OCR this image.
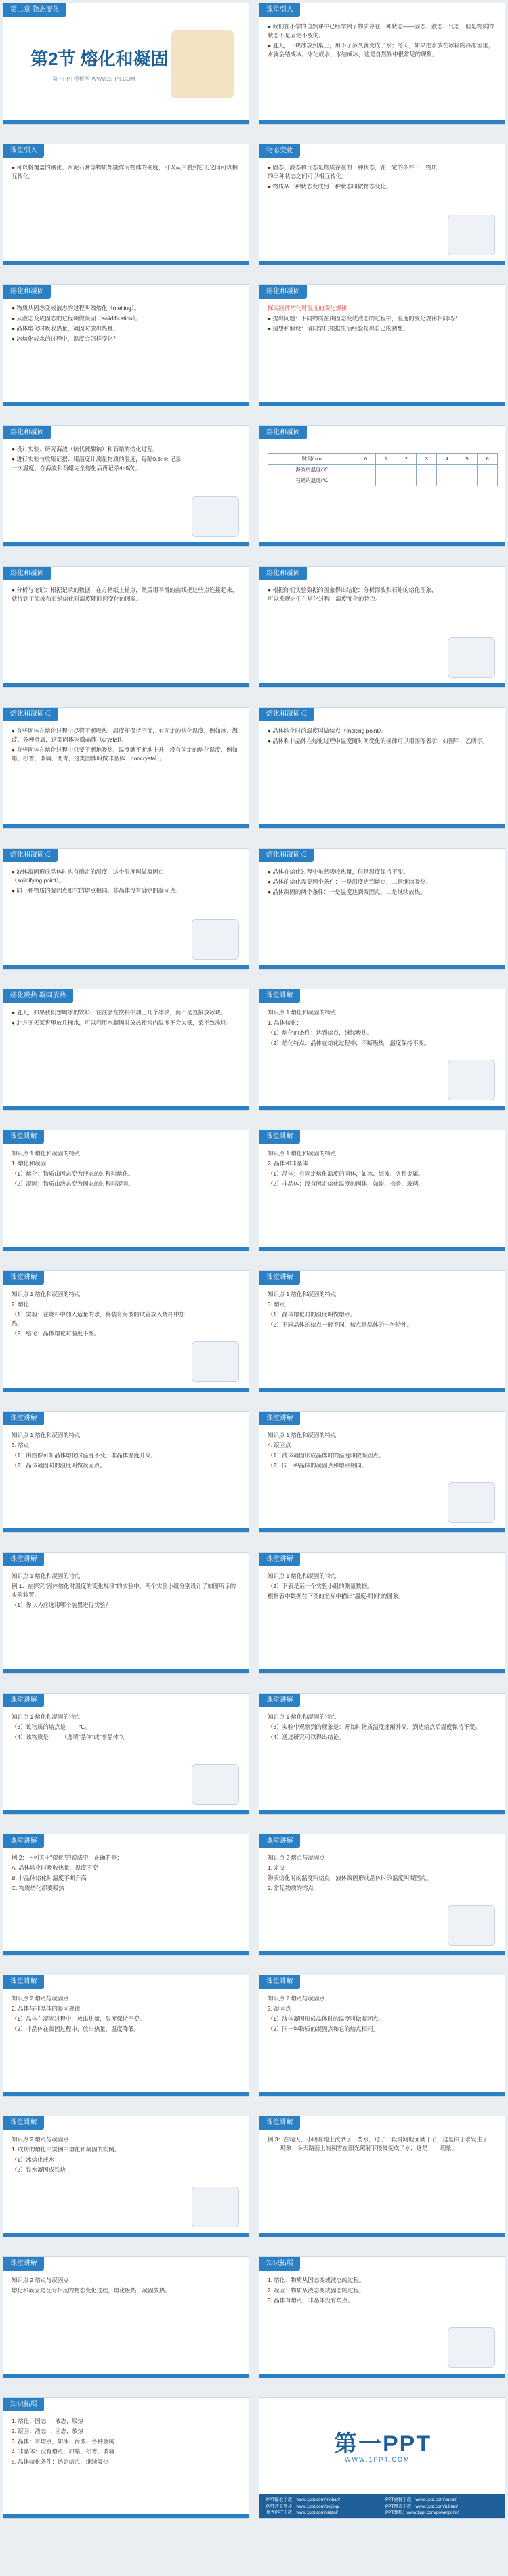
第二章 物态变化
第2节 熔化和凝固
第一PPT模板网-WWW.1PPT.COM
课堂引入

● 我们在小学的自然课中已经学到了物质存在三种状态——固态、液态、气态，但是物质的状态不是固定不变的。

● 夏天，一块冰放到桌上，用不了多久就变成了水；冬天，如果把水放在冰箱的冷冻室里，水就会结成冰。冰化成水、水结成冰，这是自然界中很常见的现象。

课堂引入

● 可以将覆盖的钢化、水泥石膏等物质都能作为物体的硬度，可以从中看到它们之间可以相互转化。

物态变化

● 固态、液态和气态是物质存在的三种状态，在一定的条件下，物质的三种状态之间可以相互转化。

● 物质从一种状态变成另一种状态叫做物态变化。

熔化和凝固

● 物质从固态变成液态的过程叫做熔化（melting）。

● 从液态变成固态的过程叫做凝固（solidification）。

● 晶体熔化时吸收热量，凝固时放出热量。

● 冰熔化成水的过程中，温度会怎样变化？

熔化和凝固

探究固体熔化时温度的变化规律

● 提出问题：不同物质在由固态变成液态的过程中，温度的变化规律相同吗？

● 猜想和假设：请同学们根据生活经验提出自己的猜想。

熔化和凝固

● 设计实验：研究海波（硫代硫酸钠）和石蜡的熔化过程。

● 进行实验与收集证据：用温度计测量物质的温度，每隔0.5min记录一次温度，在海波和石蜡完全熔化后再记录4~5次。

熔化和凝固
时间/min	0	1	2	3	4	5	6
海波的温度/℃							
石蜡的温度/℃							
熔化和凝固

● 分析与论证：根据记录的数据，在方格纸上描点，然后用平滑的曲线把这些点连接起来，就得到了海波和石蜡熔化时温度随时间变化的图象。

熔化和凝固

● 根据你们实验数据的图象得出结论：分析海波和石蜡的熔化图象，可以发现它们在熔化过程中温度变化的特点。

熔化和凝固点

● 有些固体在熔化过程中尽管不断吸热，温度却保持不变，有固定的熔化温度，例如冰、海波、各种金属，这类固体叫做晶体（crystal）。

● 有些固体在熔化过程中只要不断地吸热，温度就不断地上升，没有固定的熔化温度，例如蜡、松香、玻璃、沥青，这类固体叫做非晶体（noncrystal）。

熔化和凝固点

● 晶体熔化时的温度叫做熔点（melting point）。

● 晶体和非晶体在熔化过程中温度随时间变化的规律可以用图像表示，如图甲、乙所示。

熔化和凝固点

● 液体凝固形成晶体时也有确定的温度，这个温度叫做凝固点（solidifying point）。

● 同一种物质的凝固点和它的熔点相同。非晶体没有确定的凝固点。

熔化和凝固点

● 晶体在熔化过程中虽然吸收热量，但是温度保持不变。

● 晶体的熔化需要两个条件：一是温度达到熔点，二是继续吸热。

● 晶体凝固的两个条件：一是温度达到凝固点，二是继续放热。

熔化吸热 凝固放热

● 夏天，如果我们想喝冰的饮料，往往会在饮料中加上几个冰块，而不是直接放冰块。

● 北方冬天菜窖里放几桶水，可以利用水凝固时放热使窖内温度不会太低，菜不致冻坏。

课堂讲解

知识点 1 熔化和凝固的特点

1. 晶体熔化：

（1）熔化的条件：达到熔点，继续吸热。

（2）熔化特点：晶体在熔化过程中，不断吸热，温度保持不变。

课堂讲解

知识点 1 熔化和凝固的特点

1. 熔化和凝固

（1）熔化：物质由固态变为液态的过程叫熔化。

（2）凝固：物质由液态变为固态的过程叫凝固。

课堂讲解

知识点 1 熔化和凝固的特点

2. 晶体和非晶体

（1）晶体：有固定熔化温度的固体，如冰、海波、各种金属。

（2）非晶体：没有固定熔化温度的固体，如蜡、松香、玻璃。

课堂讲解

知识点 1 熔化和凝固的特点

2. 熔化

（1）实验：在烧杯中加入适量的水，将装有海波的试管放入烧杯中加热。

（2）结论：晶体熔化时温度不变。

课堂讲解

知识点 1 熔化和凝固的特点

3. 熔点

（1）晶体熔化时的温度叫做熔点。

（2）不同晶体的熔点一般不同，熔点是晶体的一种特性。

课堂讲解

知识点 1 熔化和凝固的特点

3. 熔点

（1）由图像可知晶体熔化时温度不变，非晶体温度升高。

（2）晶体凝固时的温度叫做凝固点。

课堂讲解

知识点 1 熔化和凝固的特点

4. 凝固点

（1）液体凝固形成晶体时的温度叫做凝固点。

（2）同一种晶体的凝固点和熔点相同。

课堂讲解

知识点 1 熔化和凝固的特点

例 1：在探究"固体熔化时温度的变化规律"的实验中，两个实验小组分别设计了如图所示的实验装置。

（1）你认为应选用哪个装置进行实验？

课堂讲解

知识点 1 熔化和凝固的特点

（2）下表是某一个实验小组的测量数据。

根据表中数据在下图的坐标中描出"温度-时间"的图象。

课堂讲解

知识点 1 熔化和凝固的特点

（3）该物质的熔点是____℃。

（4）该物质是____（选填"晶体"或"非晶体"）。

课堂讲解

知识点 1 熔化和凝固的特点

（3）实验中观察到的现象是：开始时物质温度逐渐升高，到达熔点后温度保持不变。

（4）通过研究可以得出结论。

课堂讲解

例 2：下列关于"熔化"的说法中，正确的是：

A. 晶体熔化时吸收热量，温度不变

B. 非晶体熔化时温度不断升高

C. 物质熔化都要吸热

课堂讲解

知识点 2 熔点与凝固点

1. 定义

物质熔化时的温度叫熔点，液体凝固形成晶体时的温度叫凝固点。

2. 常见物质的熔点

课堂讲解

知识点 2 熔点与凝固点

2. 晶体与非晶体的凝固规律

（1）晶体在凝固过程中，放出热量，温度保持不变。

（2）非晶体在凝固过程中，放出热量，温度降低。

课堂讲解

知识点 2 熔点与凝固点

3. 凝固点

（1）液体凝固形成晶体时的温度叫做凝固点。

（2）同一种物质的凝固点和它的熔点相同。

课堂讲解

知识点 2 熔点与凝固点

1. 成功的熔化中实例中熔化和凝固的实例。

（1）冰熔化成水

（2）铁水凝固成铁块

课堂讲解

例 3：在晴天，小明在地上泼洒了一些水，过了一段时间地面就干了，这是由于水发生了____现象；冬天路面上的积雪在阳光照射下慢慢变成了水，这是____现象。

课堂讲解

知识点 2 熔点与凝固点

熔化和凝固是互为相反的物态变化过程，熔化吸热，凝固放热。

知识拓展

1. 熔化：物质从固态变成液态的过程。

2. 凝固：物质从液态变成固态的过程。

3. 晶体有熔点，非晶体没有熔点。

知识拓展

1. 熔化：固态 → 液态，吸热

2. 凝固：液态 → 固态，放热

3. 晶体：有熔点，如冰、海波、各种金属

4. 非晶体：没有熔点，如蜡、松香、玻璃

5. 晶体熔化条件：达到熔点，继续吸热

第一PPT
WWW.1PPT.COM
PPT模板下载：www.1ppt.com/moban/
PPT背景图片：www.1ppt.com/beijing/
优秀PPT下载：www.1ppt.com/xiazai/
PPT素材下载：www.1ppt.com/sucai/
PPT图表下载：www.1ppt.com/tubiao/
PPT教程：www.1ppt.com/powerpoint/
